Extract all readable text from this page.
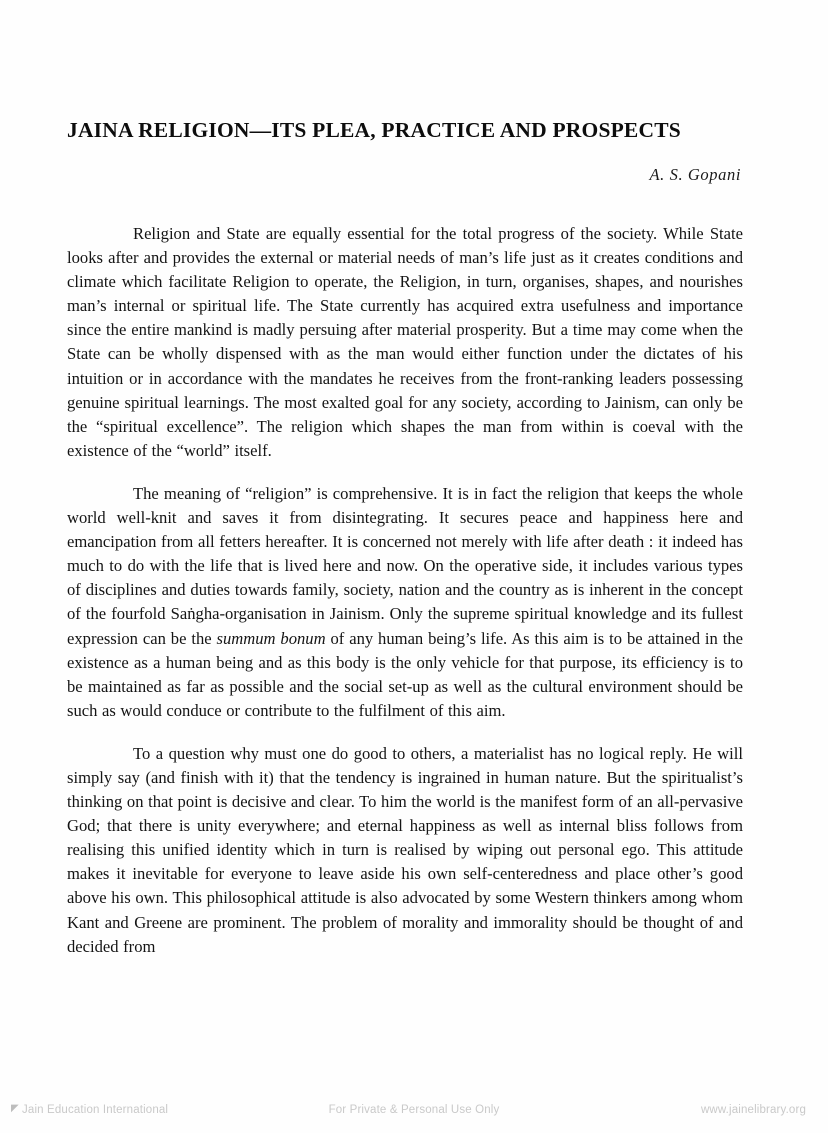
JAINA RELIGION—ITS PLEA, PRACTICE AND PROSPECTS

A. S. Gopani

Religion and State are equally essential for the total progress of the society. While State looks after and provides the external or material needs of man’s life just as it creates conditions and climate which facilitate Religion to operate, the Religion, in turn, organises, shapes, and nourishes man’s internal or spiritual life. The State currently has acquired extra usefulness and importance since the entire mankind is madly persuing after material prosperity. But a time may come when the State can be wholly dispensed with as the man would either function under the dictates of his intuition or in accordance with the mandates he receives from the front-ranking leaders possessing genuine spiritual learnings. The most exalted goal for any society, according to Jainism, can only be the “spiritual excellence”. The religion which shapes the man from within is coeval with the existence of the “world” itself.

The meaning of “religion” is comprehensive. It is in fact the religion that keeps the whole world well-knit and saves it from disintegrating. It secures peace and happiness here and emancipation from all fetters hereafter. It is concerned not merely with life after death : it indeed has much to do with the life that is lived here and now. On the operative side, it includes various types of disciplines and duties towards family, society, nation and the country as is inherent in the concept of the fourfold Saṅgha-organisation in Jainism. Only the supreme spiritual knowledge and its fullest expression can be the summum bonum of any human being’s life. As this aim is to be attained in the existence as a human being and as this body is the only vehicle for that purpose, its efficiency is to be maintained as far as possible and the social set-up as well as the cultural environment should be such as would conduce or contribute to the fulfilment of this aim.

To a question why must one do good to others, a materialist has no logical reply. He will simply say (and finish with it) that the tendency is ingrained in human nature. But the spiritualist’s thinking on that point is decisive and clear. To him the world is the manifest form of an all-pervasive God; that there is unity everywhere; and eternal happiness as well as internal bliss follows from realising this unified identity which in turn is realised by wiping out personal ego. This attitude makes it inevitable for everyone to leave aside his own self-centeredness and place other’s good above his own. This philosophical attitude is also advocated by some Western thinkers among whom Kant and Greene are prominent. The problem of morality and immorality should be thought of and decided from

◤ Jain Education International	For Private & Personal Use Only	www.jainelibrary.org
